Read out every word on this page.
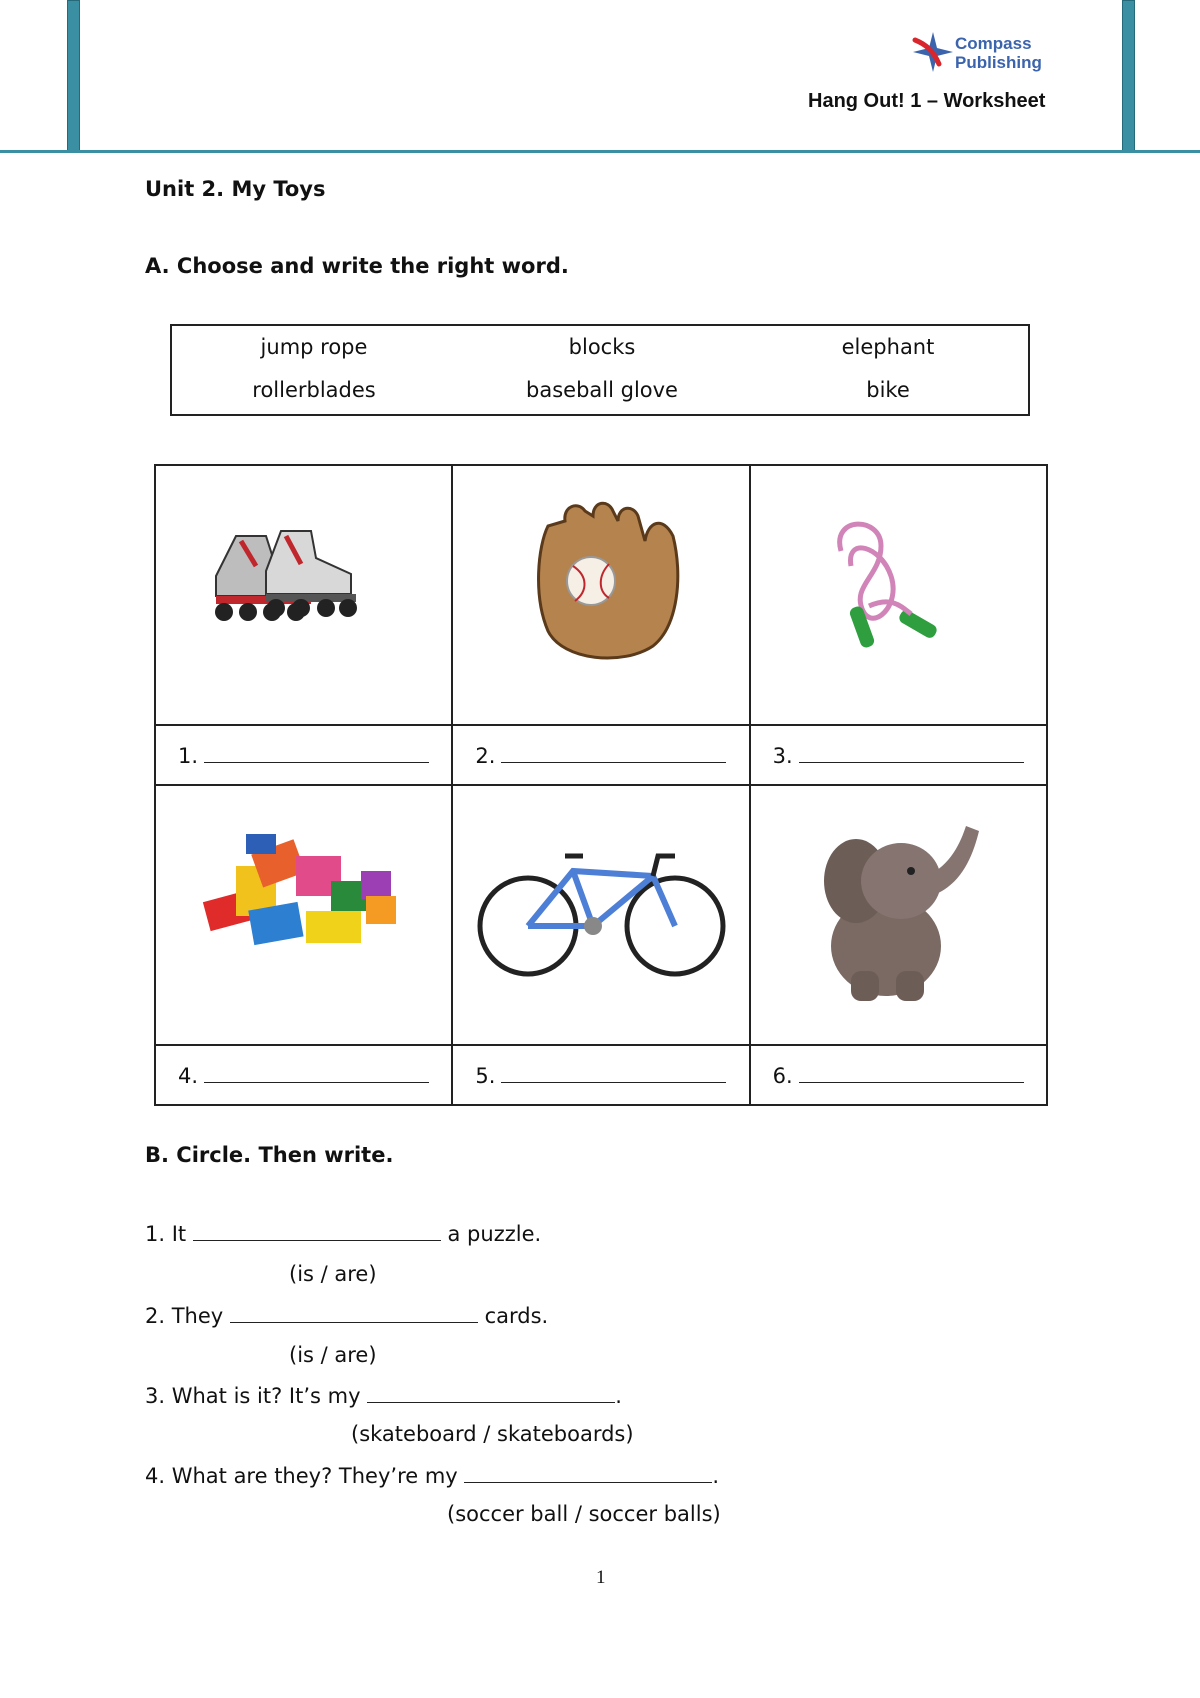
Compass
Publishing
Hang Out! 1 – Worksheet
Unit 2. My Toys
A. Choose and write the right word.
jump rope	blocks	elephant
rollerblades	baseball glove	bike

1.	2.	3.

4.	5.	6.
B. Circle. Then write.
1. It	a puzzle.
(is / are)
2. They	cards.
(is / are)
3. What is it? It’s my	.
(skateboard / skateboards)
4. What are they? They’re my	.
(soccer ball / soccer balls)
1
